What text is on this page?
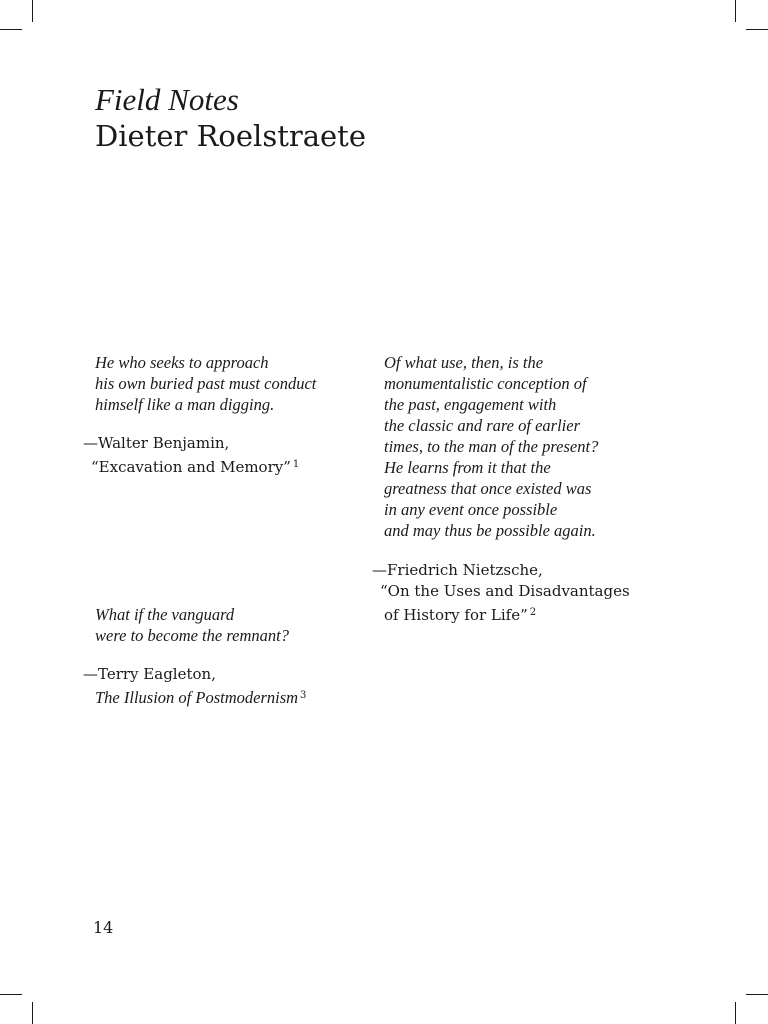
Field Notes
Dieter Roelstraete

He who seeks to approach

his own buried past must conduct

himself like a man digging.

—Walter Benjamin,

“Excavation and Memory” $^1$

Of what use, then, is the

monumentalistic conception of

the past, engagement with

the classic and rare of earlier

times, to the man of the present?

He learns from it that the

greatness that once existed was

in any event once possible

and may thus be possible again.

—Friedrich Nietzsche,

“On the Uses and Disadvantages

of History for Life” $^2$

What if the vanguard

were to become the remnant?

—Terry Eagleton,

The Illusion of Postmodernism $^3$

14
